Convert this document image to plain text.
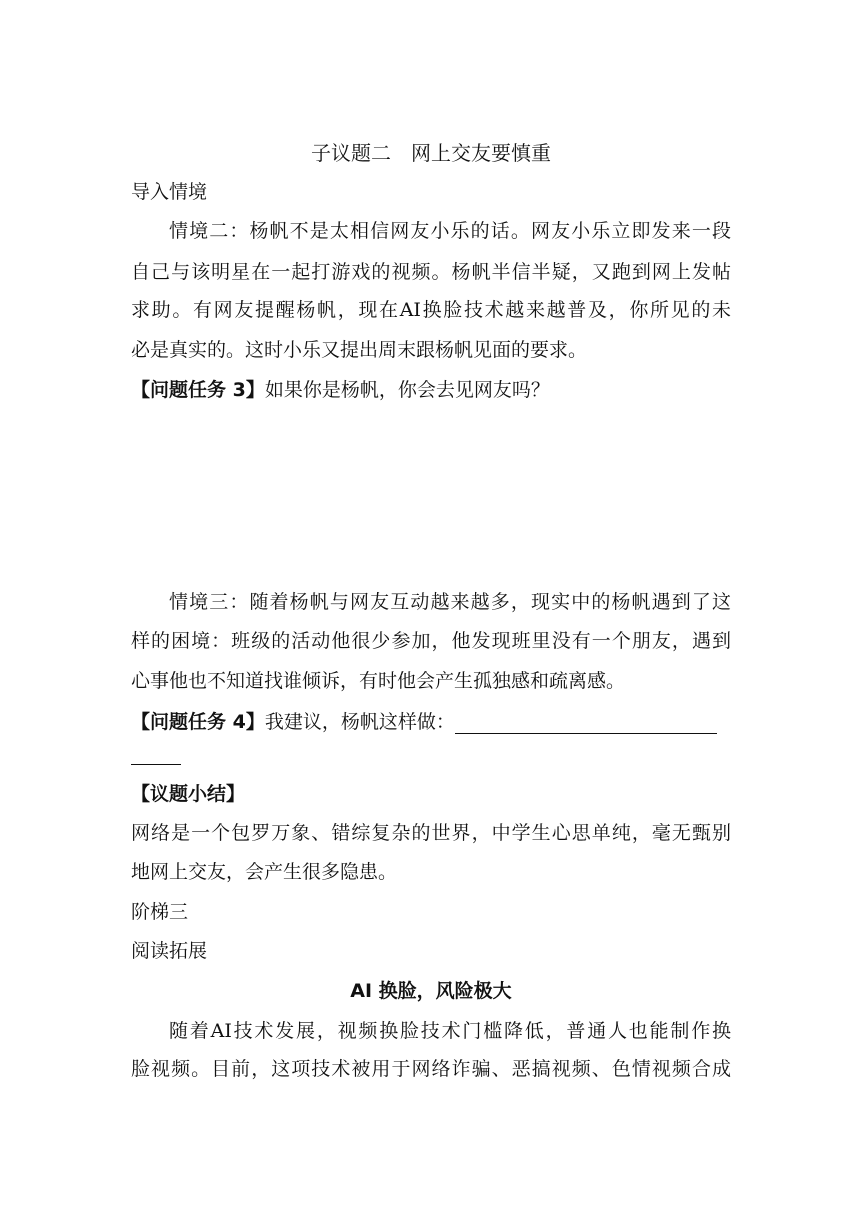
子议题二　网上交友要慎重
导入情境
情境二：杨帆不是太相信网友小乐的话。网友小乐立即发来一段
自己与该明星在一起打游戏的视频。杨帆半信半疑，又跑到网上发帖
求助。有网友提醒杨帆，现在AI换脸技术越来越普及，你所见的未
必是真实的。这时小乐又提出周末跟杨帆见面的要求。
【问题任务 3】如果你是杨帆，你会去见网友吗？
情境三：随着杨帆与网友互动越来越多，现实中的杨帆遇到了这
样的困境：班级的活动他很少参加，他发现班里没有一个朋友，遇到
心事他也不知道找谁倾诉，有时他会产生孤独感和疏离感。
【问题任务 4】我建议，杨帆这样做：
【议题小结】
网络是一个包罗万象、错综复杂的世界，中学生心思单纯，毫无甄别
地网上交友，会产生很多隐患。
阶梯三
阅读拓展
AI 换脸，风险极大
随着AI技术发展，视频换脸技术门槛降低，普通人也能制作换
脸视频。目前，这项技术被用于网络诈骗、恶搞视频、色情视频合成
